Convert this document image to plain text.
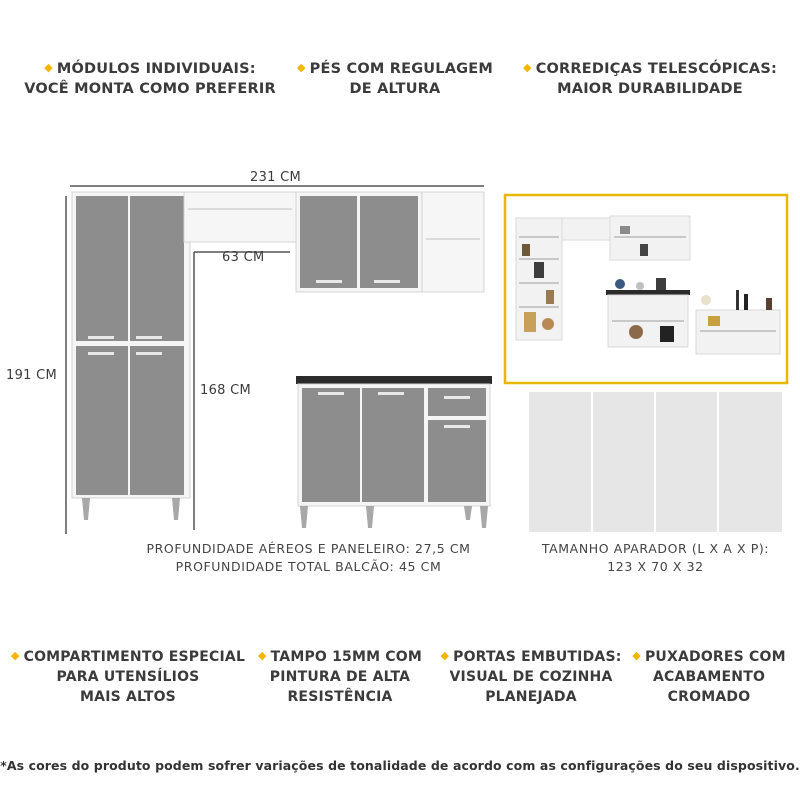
◆ MÓDULOS INDIVIDUAIS:
VOCÊ MONTA COMO PREFERIR
◆ PÉS COM REGULAGEM
DE ALTURA
◆ CORREDIÇAS TELESCÓPICAS:
MAIOR DURABILIDADE
231 CM
191 CM
63 CM
168 CM
PROFUNDIDADE AÉREOS E PANELEIRO: 27,5 CM
PROFUNDIDADE TOTAL BALCÃO: 45 CM
TAMANHO APARADOR (L X A X P):
123 X 70 X 32
◆ COMPARTIMENTO ESPECIAL
PARA UTENSÍLIOS
MAIS ALTOS
◆ TAMPO 15MM COM
PINTURA DE ALTA
RESISTÊNCIA
◆ PORTAS EMBUTIDAS:
VISUAL DE COZINHA
PLANEJADA
◆ PUXADORES COM
ACABAMENTO
CROMADO
*As cores do produto podem sofrer variações de tonalidade de acordo com as configurações do seu dispositivo.
